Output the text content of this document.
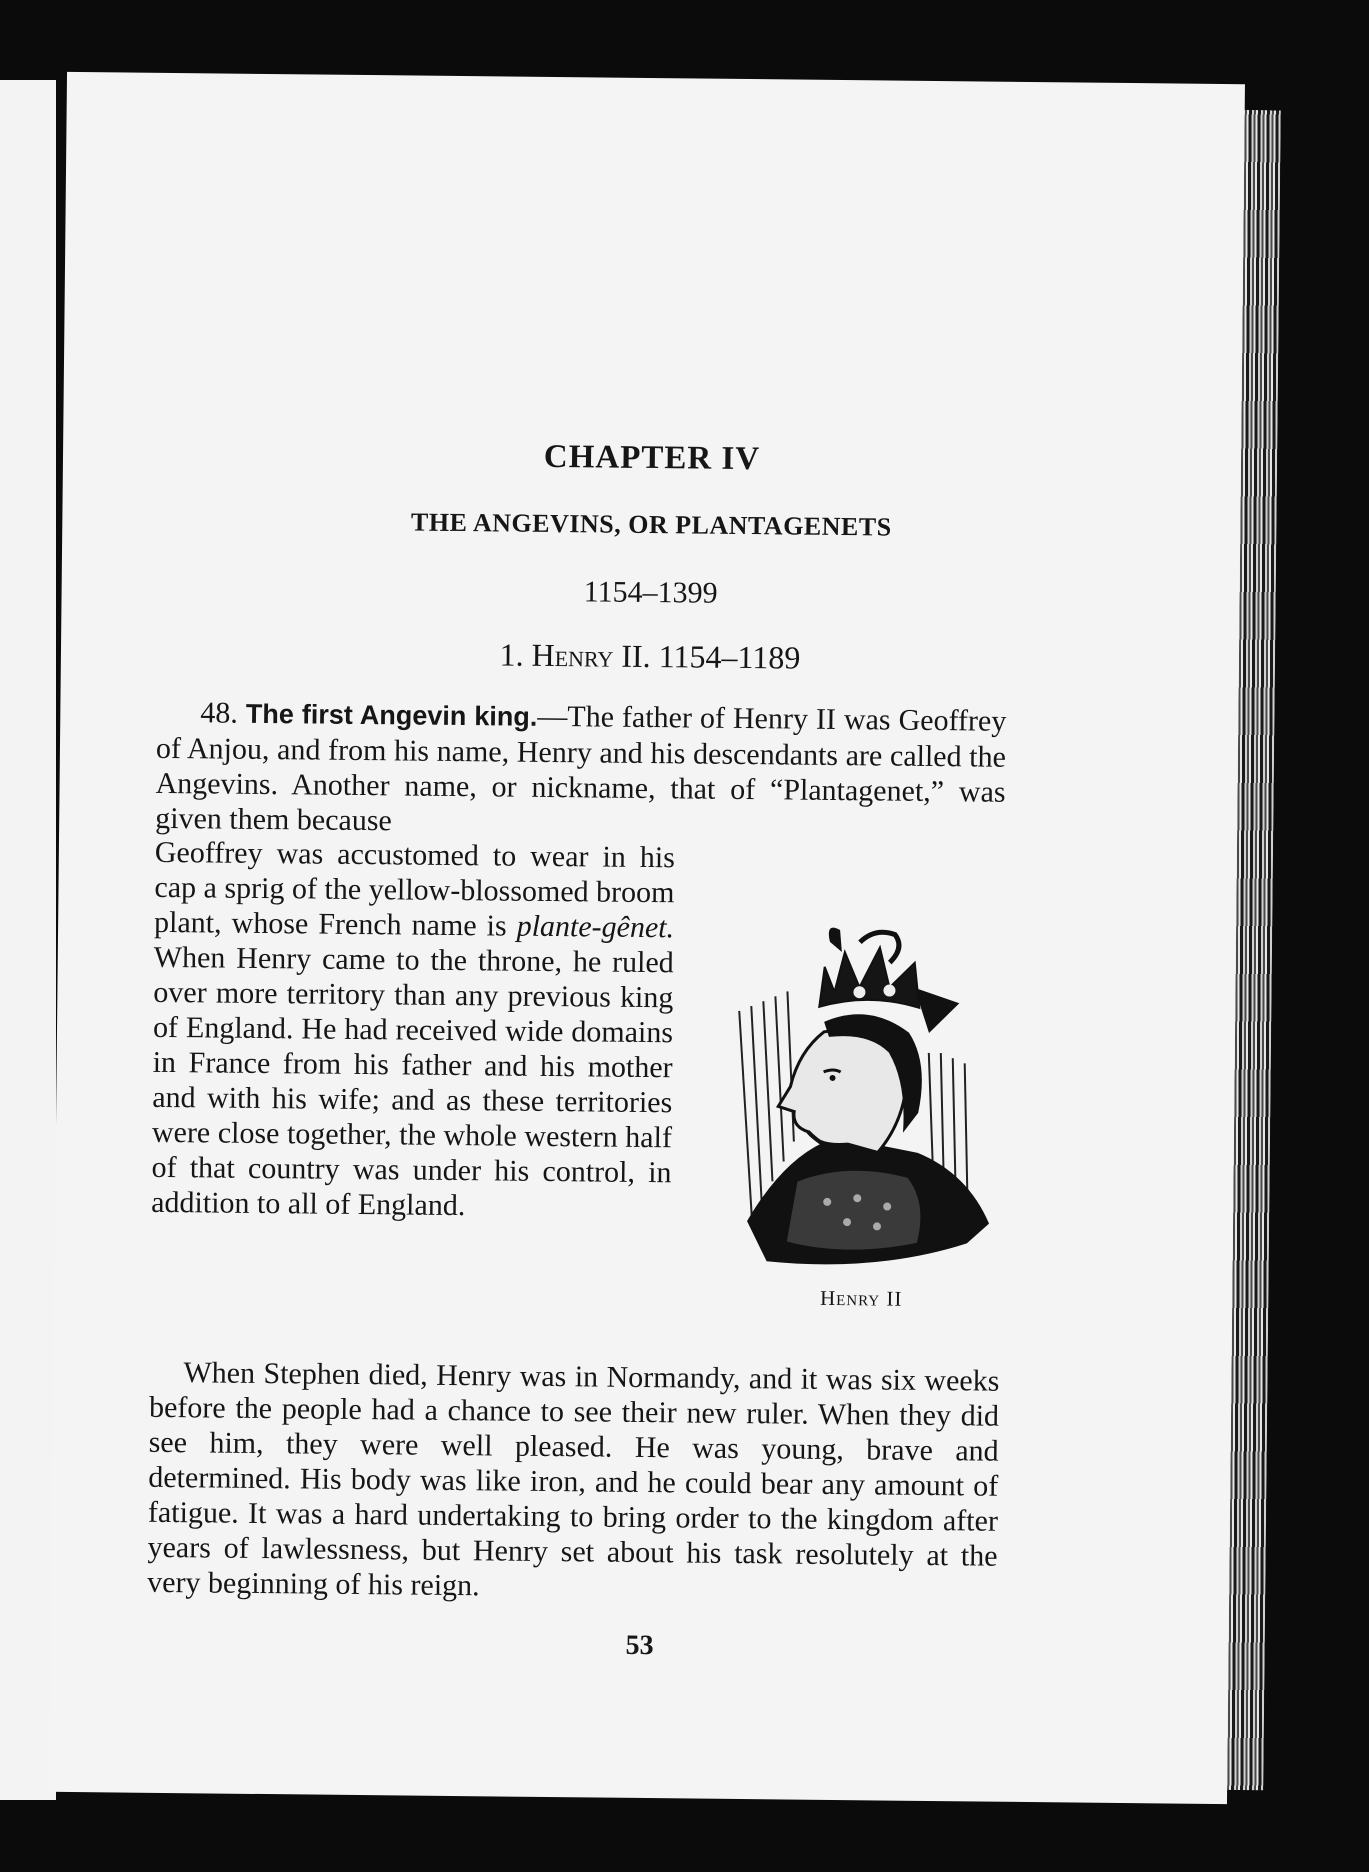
CHAPTER IV

THE ANGEVINS, OR PLANTAGENETS

1154–1399

1. Henry II. 1154–1189

48. The first Angevin king.—The father of Henry II was Geoffrey of Anjou, and from his name, Henry and his descendants are called the Angevins. Another name, or nickname, that of “Plantagenet,” was given them because

Geoffrey was accustomed to wear in his cap a sprig of the yellow-blossomed broom plant, whose French name is plante-gênet. When Henry came to the throne, he ruled over more territory than any previous king of England. He had received wide domains in France from his father and his mother and with his wife; and as these territories were close together, the whole western half of that country was under his control, in addition to all of England.

Henry II

When Stephen died, Henry was in Normandy, and it was six weeks before the people had a chance to see their new ruler. When they did see him, they were well pleased. He was young, brave and determined. His body was like iron, and he could bear any amount of fatigue. It was a hard undertaking to bring order to the kingdom after years of lawlessness, but Henry set about his task resolutely at the very beginning of his reign.

53
